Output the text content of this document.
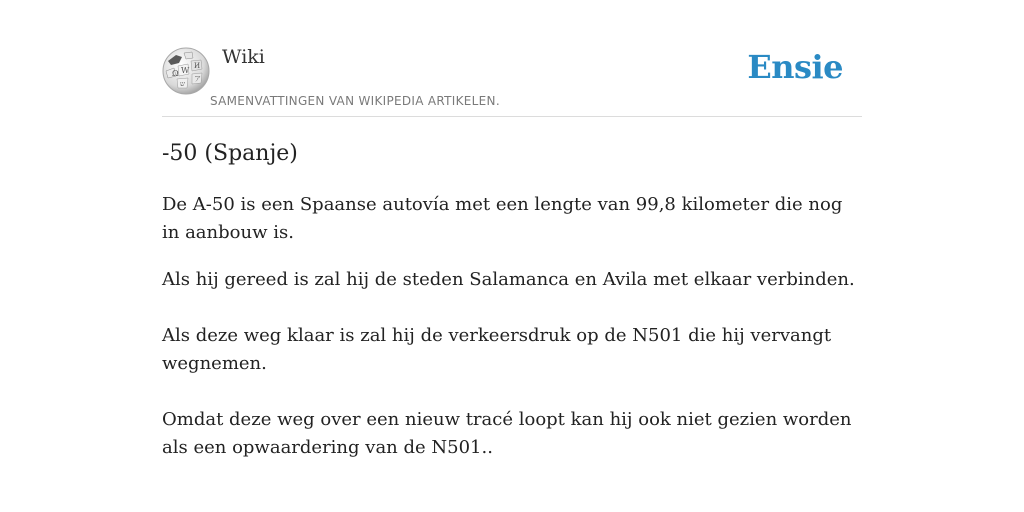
Ω W И
ア
ש
Wiki
SAMENVATTINGEN VAN WIKIPEDIA ARTIKELEN.
Ensie
-50 (Spanje)

De A-50 is een Spaanse autovía met een lengte van 99,8 kilometer die nog in aanbouw is.

Als hij gereed is zal hij de steden Salamanca en Avila met elkaar verbinden.

Als deze weg klaar is zal hij de verkeersdruk op de N501 die hij vervangt wegnemen.

Omdat deze weg over een nieuw tracé loopt kan hij ook niet gezien worden als een opwaardering van de N501..
